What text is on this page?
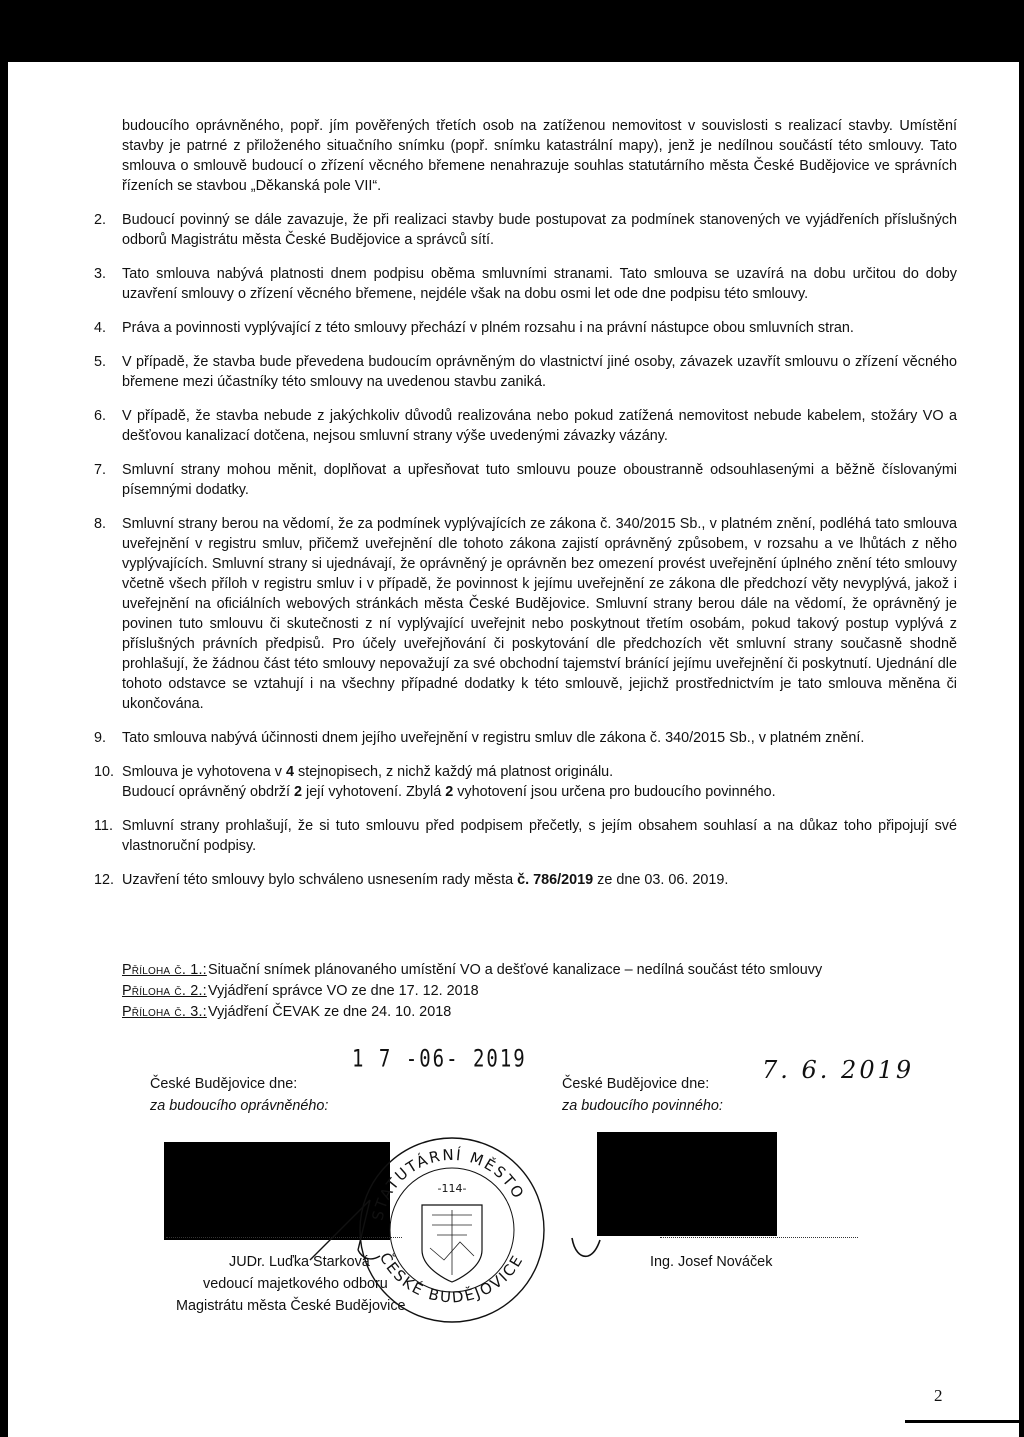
budoucího oprávněného, popř. jím pověřených třetích osob na zatíženou nemovitost v souvislosti s realizací stavby. Umístění stavby je patrné z přiloženého situačního snímku (popř. snímku katastrální mapy), jenž je nedílnou součástí této smlouvy. Tato smlouva o smlouvě budoucí o zřízení věcného břemene nenahrazuje souhlas statutárního města České Budějovice ve správních řízeních se stavbou „Děkanská pole VII“.

2.	Budoucí povinný se dále zavazuje, že při realizaci stavby bude postupovat za podmínek stanovených ve vyjádřeních příslušných odborů Magistrátu města České Budějovice a správců sítí.
3.	Tato smlouva nabývá platnosti dnem podpisu oběma smluvními stranami. Tato smlouva se uzavírá na dobu určitou do doby uzavření smlouvy o zřízení věcného břemene, nejdéle však na dobu osmi let ode dne podpisu této smlouvy.
4.	Práva a povinnosti vyplývající z této smlouvy přechází v plném rozsahu i na právní nástupce obou smluvních stran.
5.	V případě, že stavba bude převedena budoucím oprávněným do vlastnictví jiné osoby, závazek uzavřít smlouvu o zřízení věcného břemene mezi účastníky této smlouvy na uvedenou stavbu zaniká.
6.	V případě, že stavba nebude z jakýchkoliv důvodů realizována nebo pokud zatížená nemovitost nebude kabelem, stožáry VO a dešťovou kanalizací dotčena, nejsou smluvní strany výše uvedenými závazky vázány.
7.	Smluvní strany mohou měnit, doplňovat a upřesňovat tuto smlouvu pouze oboustranně odsouhlasenými a běžně číslovanými písemnými dodatky.
8.	Smluvní strany berou na vědomí, že za podmínek vyplývajících ze zákona č. 340/2015 Sb., v platném znění, podléhá tato smlouva uveřejnění v registru smluv, přičemž uveřejnění dle tohoto zákona zajistí oprávněný způsobem, v rozsahu a ve lhůtách z něho vyplývajících. Smluvní strany si ujednávají, že oprávněný je oprávněn bez omezení provést uveřejnění úplného znění této smlouvy včetně všech příloh v registru smluv i v případě, že povinnost k jejímu uveřejnění ze zákona dle předchozí věty nevyplývá, jakož i uveřejnění na oficiálních webových stránkách města České Budějovice. Smluvní strany berou dále na vědomí, že oprávněný je povinen tuto smlouvu či skutečnosti z ní vyplývající uveřejnit nebo poskytnout třetím osobám, pokud takový postup vyplývá z příslušných právních předpisů. Pro účely uveřejňování či poskytování dle předchozích vět smluvní strany současně shodně prohlašují, že žádnou část této smlouvy nepovažují za své obchodní tajemství bránící jejímu uveřejnění či poskytnutí. Ujednání dle tohoto odstavce se vztahují i na všechny případné dodatky k této smlouvě, jejichž prostřednictvím je tato smlouva měněna či ukončována.
9.	Tato smlouva nabývá účinnosti dnem jejího uveřejnění v registru smluv dle zákona č. 340/2015 Sb., v platném znění.
10. Smlouva je vyhotovena v 4 stejnopisech, z nichž každý má platnost originálu.
Budoucí oprávněný obdrží 2 její vyhotovení. Zbylá 2 vyhotovení jsou určena pro budoucího povinného.
11. Smluvní strany prohlašují, že si tuto smlouvu před podpisem přečetly, s jejím obsahem souhlasí a na důkaz toho připojují své vlastnoruční podpisy.
12. Uzavření této smlouvy bylo schváleno usnesením rady města č. 786/2019 ze dne 03. 06. 2019.
Příloha č. 1.: Situační snímek plánovaného umístění VO a dešťové kanalizace – nedílná součást této smlouvy
Příloha č. 2.: Vyjádření správce VO ze dne 17. 12. 2018
Příloha č. 3.: Vyjádření ČEVAK ze dne 24. 10. 2018
1 7 -06- 2019	7. 6. 2019
České Budějovice dne:
za budoucího oprávněného:
České Budějovice dne:
za budoucího povinného:
STATUTÁRNÍ MĚSTO
ČESKÉ BUDĚJOVICE
-114-
JUDr. Luďka Starková
vedoucí majetkového odboru
Magistrátu města České Budějovice
Ing. Josef Nováček
2
